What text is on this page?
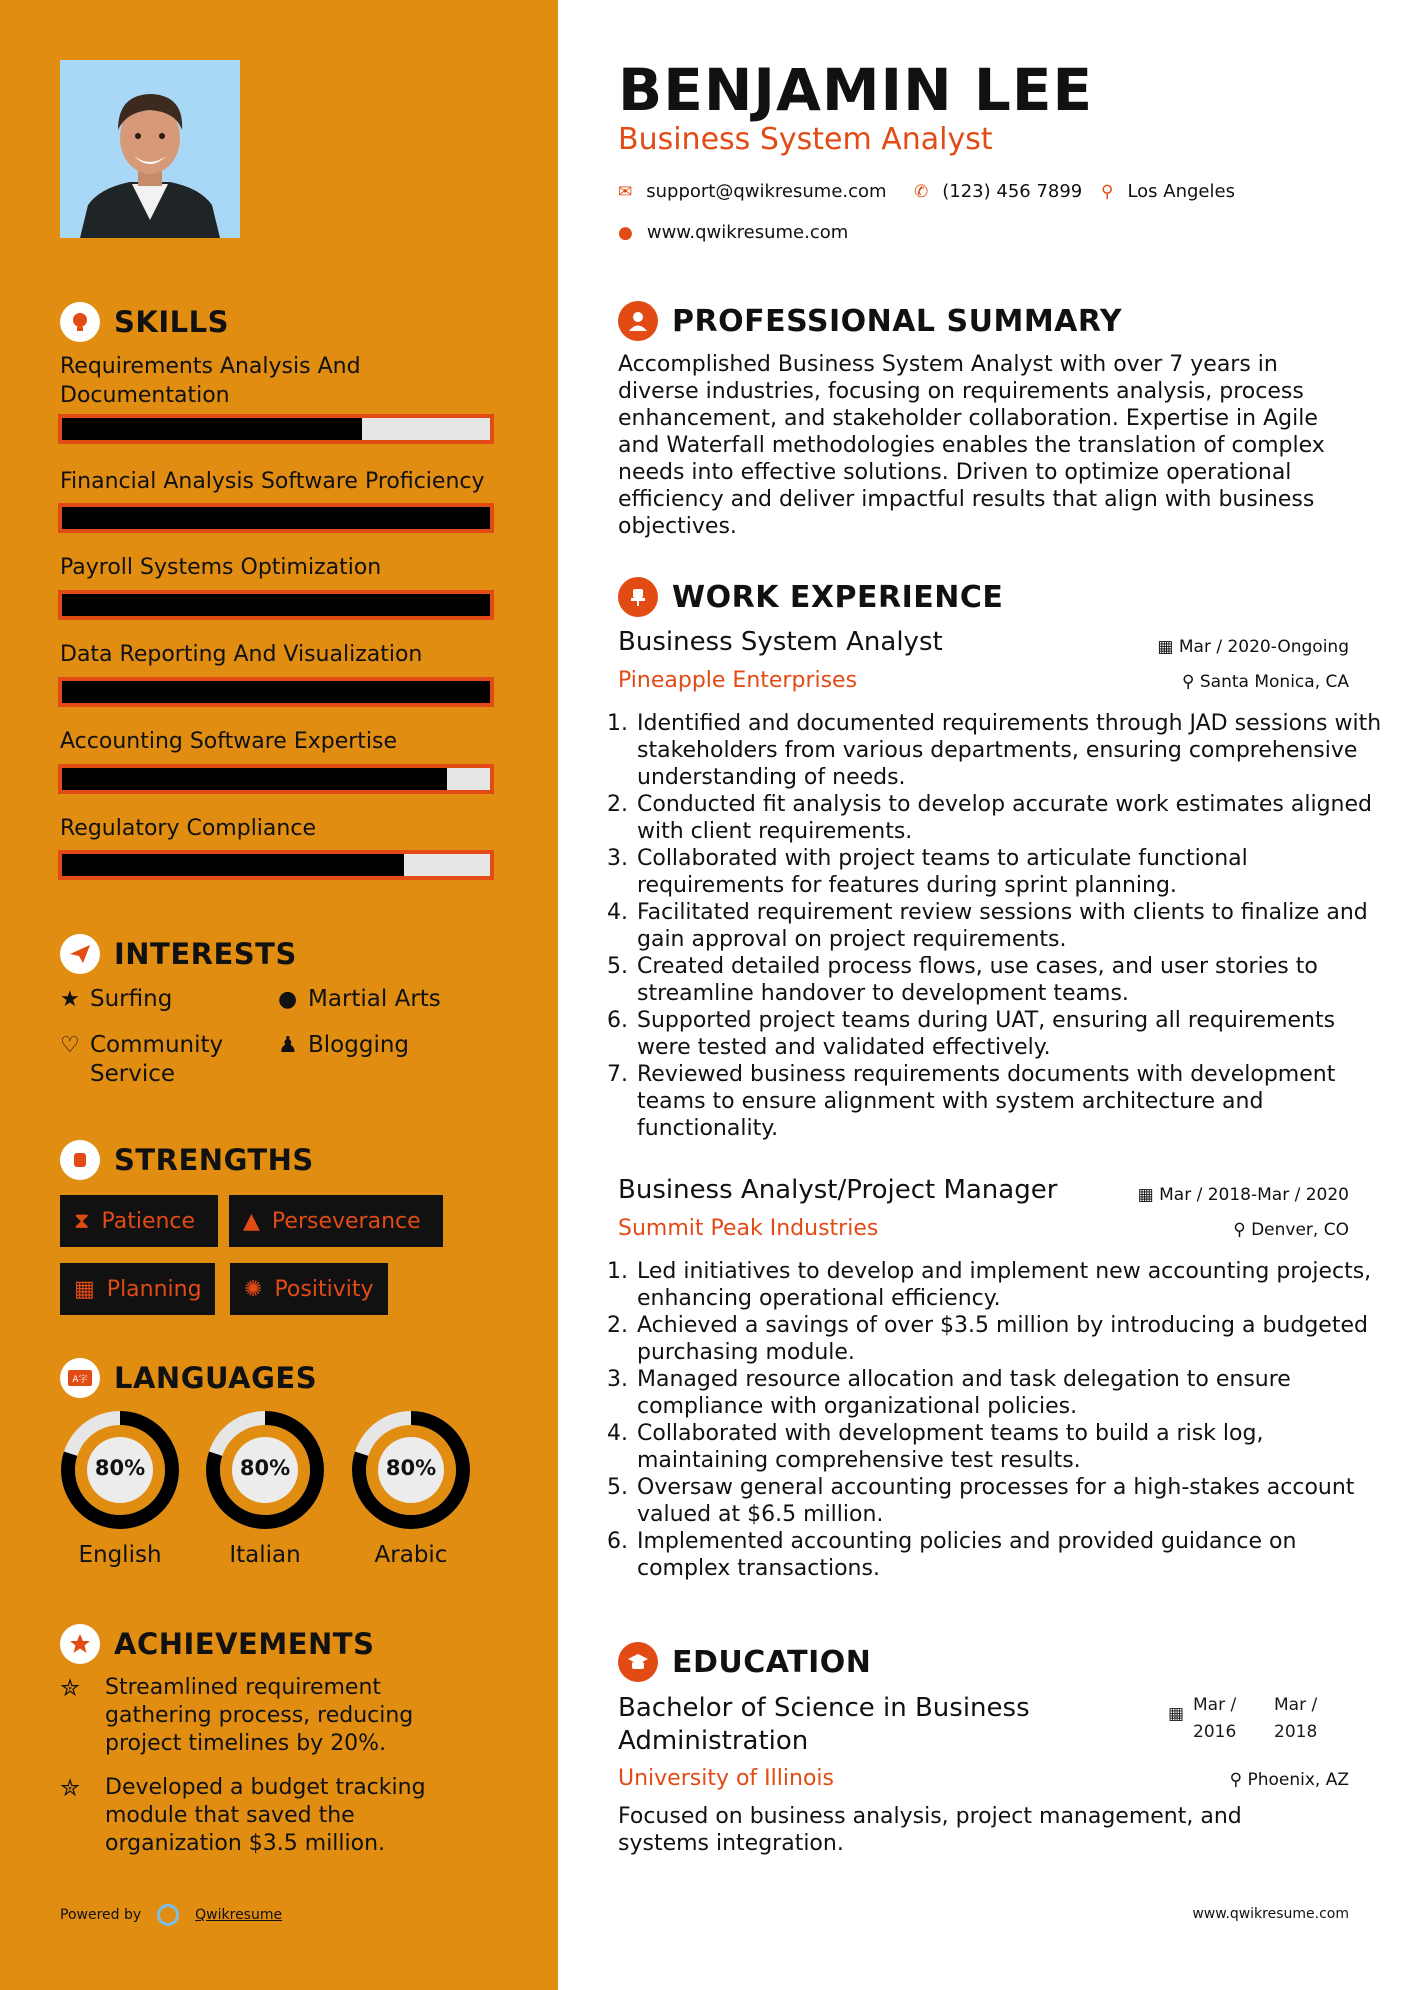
SKILLS
Requirements Analysis And Documentation
Financial Analysis Software Proficiency
Payroll Systems Optimization
Data Reporting And Visualization
Accounting Software Expertise
Regulatory Compliance
INTERESTS
★ Surfing	● Martial Arts
♡ Community Service
♟ Blogging
STRENGTHS
⧗ Patience ▲ Perseverance
▦ Planning ✺ Positivity
A字 LANGUAGES
80%
English
80%
Italian
80%
Arabic
ACHIEVEMENTS
✮	Streamlined requirement gathering process, reducing project timelines by 20%.
✮	Developed a budget tracking module that saved the organization $3.5 million.
Powered by	Qwikresume
BENJAMIN LEE
Business System Analyst
✉ support@qwikresume.com ✆ (123) 456 7899 ⚲ Los Angeles
● www.qwikresume.com
PROFESSIONAL SUMMARY
Accomplished Business System Analyst with over 7 years in diverse industries, focusing on requirements analysis, process enhancement, and stakeholder collaboration. Expertise in Agile and Waterfall methodologies enables the translation of complex needs into effective solutions. Driven to optimize operational efficiency and deliver impactful results that align with business objectives.
WORK EXPERIENCE
Business System Analyst	▦ Mar / 2020-Ongoing
Pineapple Enterprises	⚲ Santa Monica, CA
1. Identified and documented requirements through JAD sessions with stakeholders from various departments, ensuring comprehensive understanding of needs.
2. Conducted fit analysis to develop accurate work estimates aligned with client requirements.
3. Collaborated with project teams to articulate functional requirements for features during sprint planning.
4. Facilitated requirement review sessions with clients to finalize and gain approval on project requirements.
5. Created detailed process flows, use cases, and user stories to streamline handover to development teams.
6. Supported project teams during UAT, ensuring all requirements were tested and validated effectively.
7. Reviewed business requirements documents with development teams to ensure alignment with system architecture and functionality.
Business Analyst/Project Manager	▦ Mar / 2018-Mar / 2020
Summit Peak Industries	⚲ Denver, CO
1. Led initiatives to develop and implement new accounting projects, enhancing operational efficiency.
2. Achieved a savings of over $3.5 million by introducing a budgeted purchasing module.
3. Managed resource allocation and task delegation to ensure compliance with organizational policies.
4. Collaborated with development teams to build a risk log, maintaining comprehensive test results.
5. Oversaw general accounting processes for a high-stakes account valued at $6.5 million.
6. Implemented accounting policies and provided guidance on complex transactions.
EDUCATION
Bachelor of Science in Business Administration
▦ Mar / 2016
Mar / 2018
University of Illinois	⚲ Phoenix, AZ
Focused on business analysis, project management, and systems integration.
www.qwikresume.com
